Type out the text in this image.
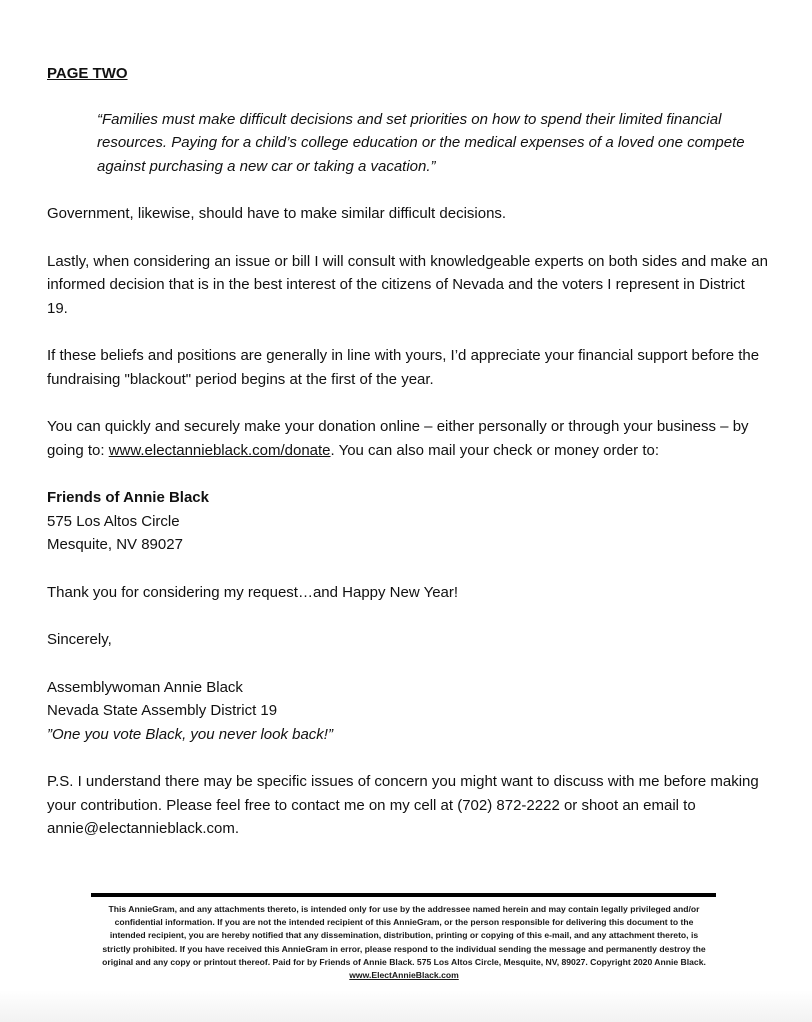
PAGE TWO
“Families must make difficult decisions and set priorities on how to spend their limited financial resources. Paying for a child’s college education or the medical expenses of a loved one compete against purchasing a new car or taking a vacation.”

Government, likewise, should have to make similar difficult decisions.

Lastly, when considering an issue or bill I will consult with knowledgeable experts on both sides and make an informed decision that is in the best interest of the citizens of Nevada and the voters I represent in District 19.

If these beliefs and positions are generally in line with yours, I’d appreciate your financial support before the fundraising "blackout" period begins at the first of the year.

You can quickly and securely make your donation online – either personally or through your business – by going to: www.electannieblack.com/donate. You can also mail your check or money order to:

Friends of Annie Black
575 Los Altos Circle
Mesquite, NV 89027

Thank you for considering my request…and Happy New Year!

Sincerely,

Assemblywoman Annie Black
Nevada State Assembly District 19
”One you vote Black, you never look back!”

P.S. I understand there may be specific issues of concern you might want to discuss with me before making your contribution. Please feel free to contact me on my cell at (702) 872-2222 or shoot an email to annie@electannieblack.com.

This AnnieGram, and any attachments thereto, is intended only for use by the addressee named herein and may contain legally privileged and/or confidential information. If you are not the intended recipient of this AnnieGram, or the person responsible for delivering this document to the intended recipient, you are hereby notified that any dissemination, distribution, printing or copying of this e-mail, and any attachment thereto, is strictly prohibited. If you have received this AnnieGram in error, please respond to the individual sending the message and permanently destroy the original and any copy or printout thereof. Paid for by Friends of Annie Black. 575 Los Altos Circle, Mesquite, NV, 89027. Copyright 2020 Annie Black. www.ElectAnnieBlack.com
